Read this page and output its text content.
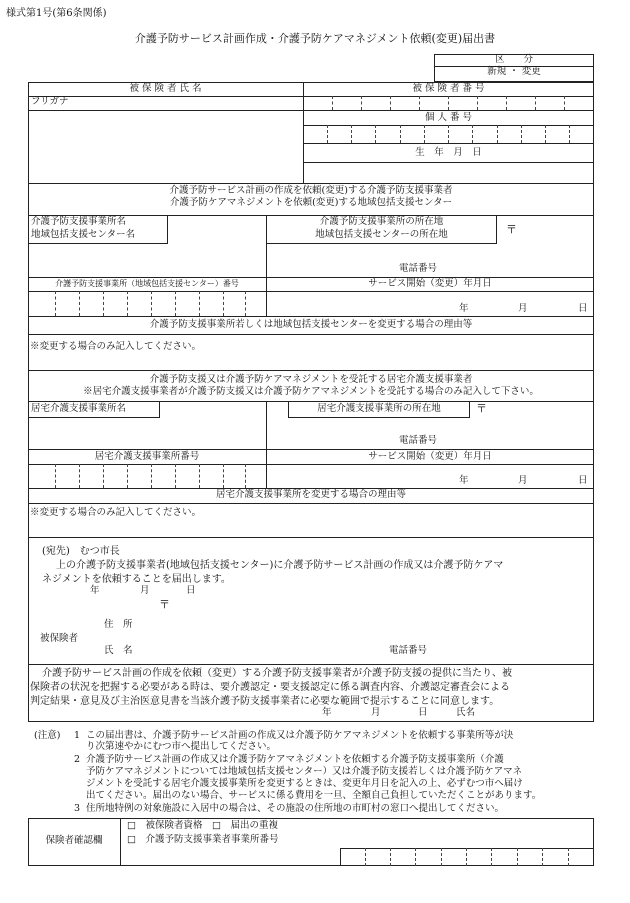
様式第1号(第6条関係)
介護予防サービス計画作成・介護予防ケアマネジメント依頼(変更)届出書
区　　分
新規 ・ 変更
被 保 険 者 氏 名	被 保 険 者 番 号
フリガナ
個 人 番 号
生　年　月　日
介護予防サービス計画の作成を依頼(変更)する介護予防支援事業者
介護予防ケアマネジメントを依頼(変更)する地域包括支援センター
介護予防支援事業所名
地域包括支援センター名
介護予防支援事業所の所在地
地域包括支援センターの所在地	〒
電話番号
介護予防支援事業所（地域包括支援センター）番号	サービス開始（変更）年月日
年	月	日
介護予防支援事業所若しくは地域包括支援センターを変更する場合の理由等
※変更する場合のみ記入してください。
介護予防支援又は介護予防ケアマネジメントを受託する居宅介護支援事業者
※居宅介護支援事業者が介護予防支援又は介護予防ケアマネジメントを受託する場合のみ記入して下さい。
居宅介護支援事業所名	居宅介護支援事業所の所在地	〒
電話番号
居宅介護支援事業所番号	サービス開始（変更）年月日
年	月	日
居宅介護支援事業所を変更する場合の理由等
※変更する場合のみ記入してください。
(宛先)　むつ市長
上の介護予防支援事業者(地域包括支援センター)に介護予防サービス計画の作成又は介護予防ケアマ
ネジメントを依頼することを届出します。
年	月	日
〒
住　所
被保険者
氏　名	電話番号
介護予防サービス計画の作成を依頼（変更）する介護予防支援事業者が介護予防支援の提供に当たり、被
保険者の状況を把握する必要がある時は、要介護認定・要支援認定に係る調査内容、介護認定審査会による
判定結果・意見及び主治医意見書を当該介護予防支援事業者に必要な範囲で提示することに同意します。
年	月	日	氏名
(注意) 1 この届出書は、介護予防サービス計画の作成又は介護予防ケアマネジメントを依頼する事業所等が決
り次第速やかにむつ市へ提出してください。
2 介護予防サービス計画の作成又は介護予防ケアマネジメントを依頼する介護予防支援事業所（介護
予防ケアマネジメントについては地域包括支援センター）又は介護予防支援若しくは介護予防ケアマネ
ジメントを受託する居宅介護支援事業所を変更するときは、変更年月日を記入の上、必ずむつ市へ届け
出てください。届出のない場合、サービスに係る費用を一旦、全額自己負担していただくことがあります。
3 住所地特例の対象施設に入居中の場合は、その施設の住所地の市町村の窓口へ提出してください。
保険者確認欄
□　被保険者資格　□　届出の重複
□　介護予防支援事業者事業所番号
